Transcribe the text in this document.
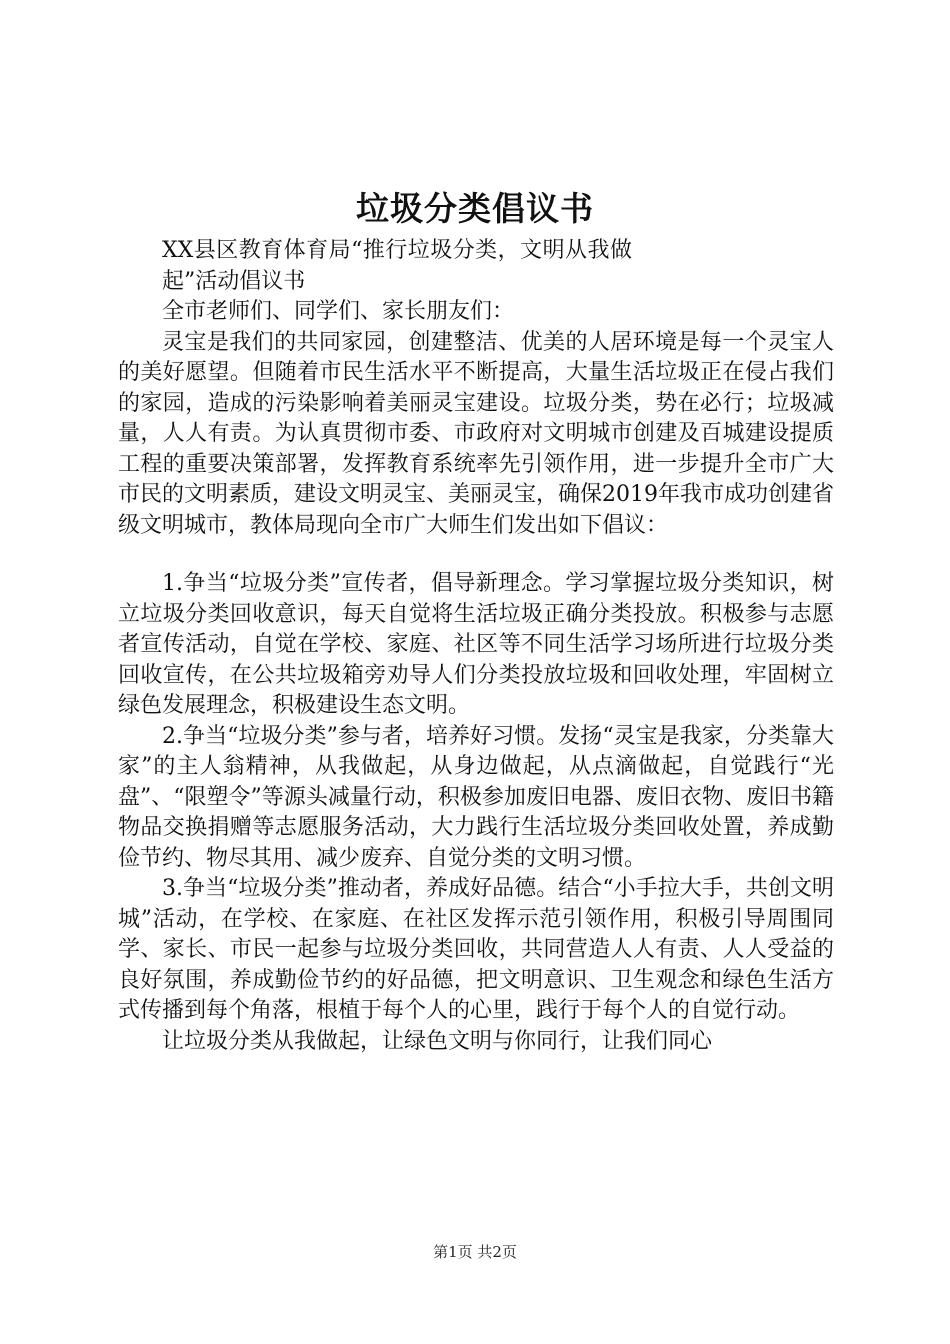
垃圾分类倡议书

XX县区教育体育局“推行垃圾分类，文明从我做起”活动倡议书

全市老师们、同学们、家长朋友们：

灵宝是我们的共同家园，创建整洁、优美的人居环境是每一个灵宝人的美好愿望。但随着市民生活水平不断提高，大量生活垃圾正在侵占我们的家园，造成的污染影响着美丽灵宝建设。垃圾分类，势在必行；垃圾减量，人人有责。为认真贯彻市委、市政府对文明城市创建及百城建设提质工程的重要决策部署，发挥教育系统率先引领作用，进一步提升全市广大市民的文明素质，建设文明灵宝、美丽灵宝，确保2019年我市成功创建省级文明城市，教体局现向全市广大师生们发出如下倡议：

1.争当“垃圾分类”宣传者，倡导新理念。学习掌握垃圾分类知识，树立垃圾分类回收意识，每天自觉将生活垃圾正确分类投放。积极参与志愿者宣传活动，自觉在学校、家庭、社区等不同生活学习场所进行垃圾分类回收宣传，在公共垃圾箱旁劝导人们分类投放垃圾和回收处理，牢固树立绿色发展理念，积极建设生态文明。

2.争当“垃圾分类”参与者，培养好习惯。发扬“灵宝是我家，分类靠大家”的主人翁精神，从我做起，从身边做起，从点滴做起，自觉践行“光盘”、“限塑令”等源头减量行动，积极参加废旧电器、废旧衣物、废旧书籍物品交换捐赠等志愿服务活动，大力践行生活垃圾分类回收处置，养成勤俭节约、物尽其用、减少废弃、自觉分类的文明习惯。

3.争当“垃圾分类”推动者，养成好品德。结合“小手拉大手，共创文明城”活动，在学校、在家庭、在社区发挥示范引领作用，积极引导周围同学、家长、市民一起参与垃圾分类回收，共同营造人人有责、人人受益的良好氛围，养成勤俭节约的好品德，把文明意识、卫生观念和绿色生活方式传播到每个角落，根植于每个人的心里，践行于每个人的自觉行动。

让垃圾分类从我做起，让绿色文明与你同行，让我们同心

第1页 共2页
